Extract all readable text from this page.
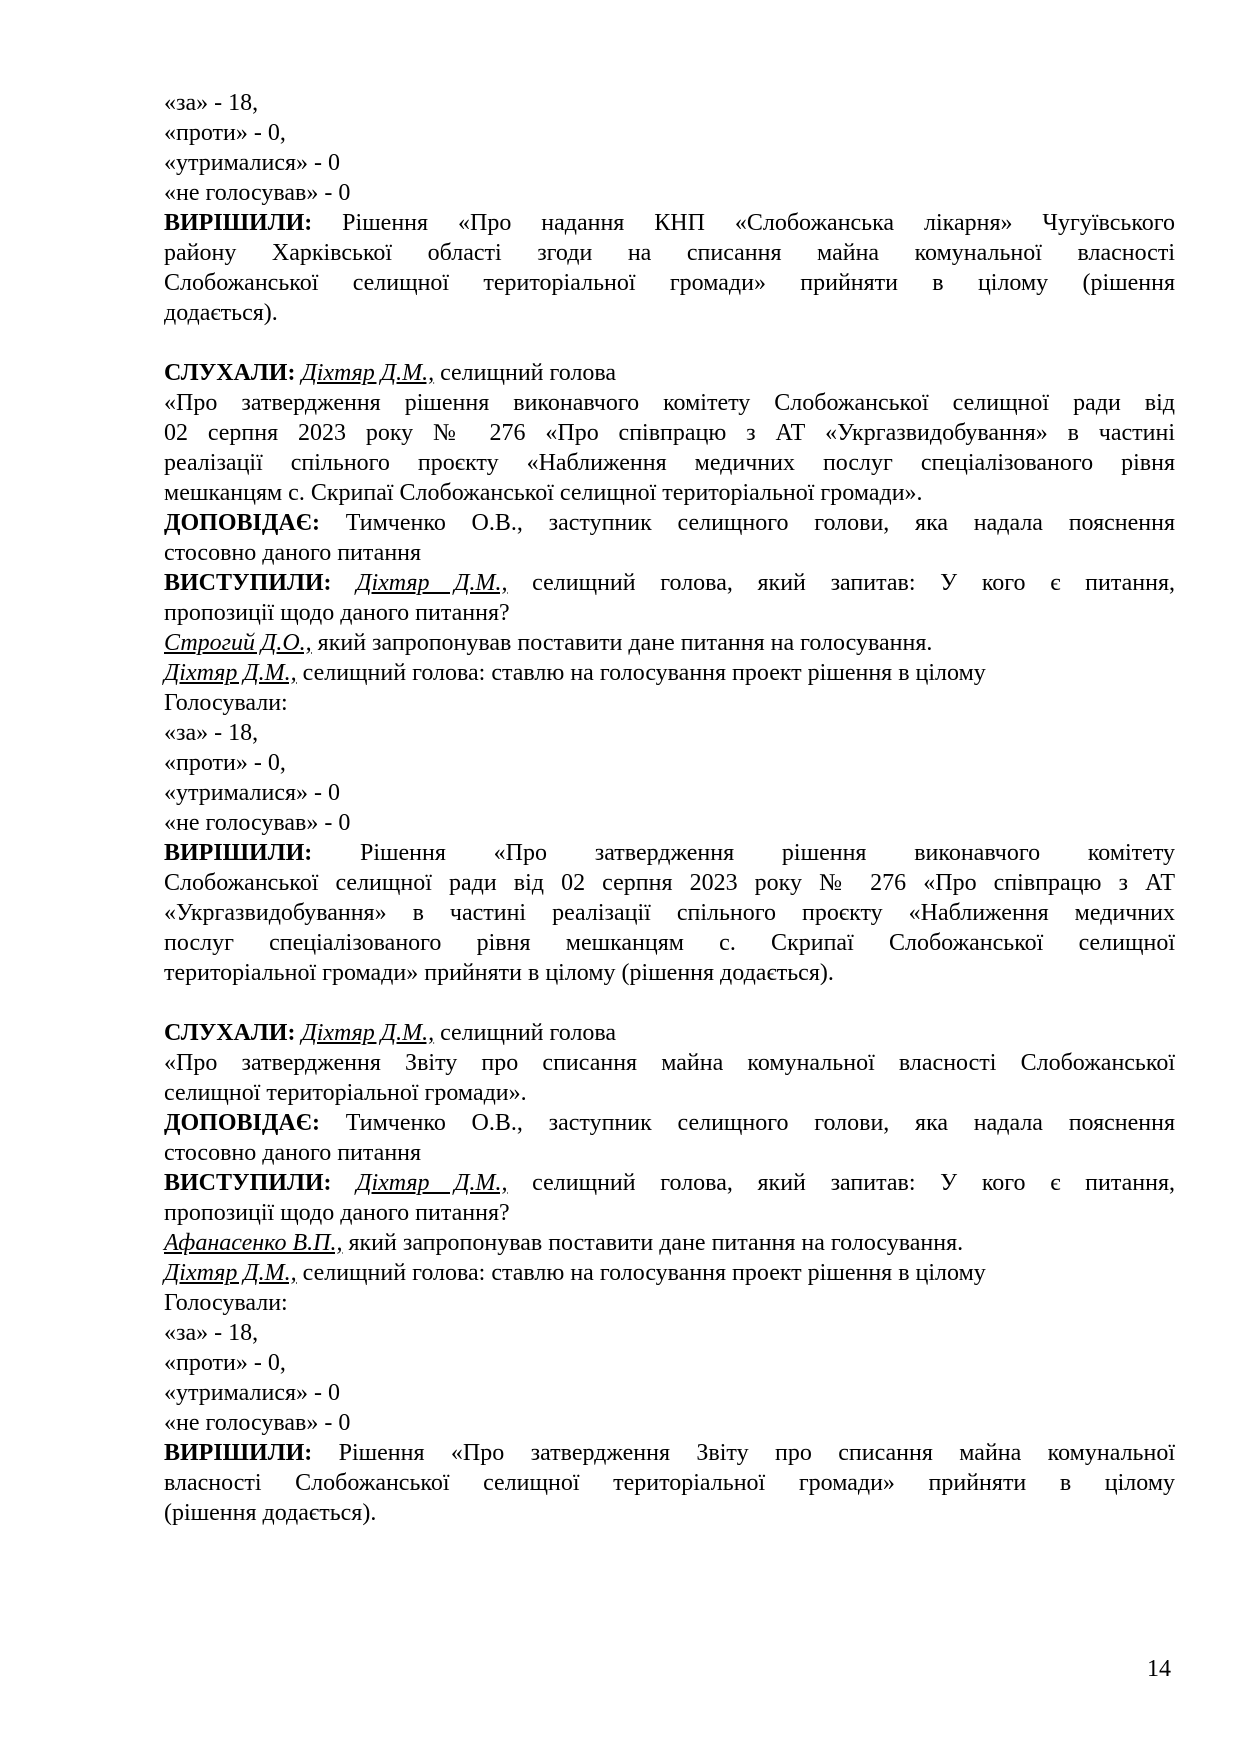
«за» - 18,
«проти» - 0,
«утрималися» - 0
«не голосував» - 0
ВИРІШИЛИ: Рішення «Про надання КНП «Слобожанська лікарня» Чугуївського
району Харківської області згоди на списання майна комунальної власності
Слобожанської селищної територіальної громади» прийняти в цілому (рішення
додається).
СЛУХАЛИ: Діхтяр Д.М., селищний голова
«Про затвердження рішення виконавчого комітету Слобожанської селищної ради від
02 серпня 2023 року № 276 «Про співпрацю з АТ «Укргазвидобування» в частині
реалізації спільного проєкту «Наближення медичних послуг спеціалізованого рівня
мешканцям с. Скрипаї Слобожанської селищної територіальної громади».
ДОПОВІДАЄ: Тимченко О.В., заступник селищного голови, яка надала пояснення
стосовно даного питання
ВИСТУПИЛИ: Діхтяр Д.М., селищний голова, який запитав: У кого є питання,
пропозиції щодо даного питання?
Строгий Д.О., який запропонував поставити дане питання на голосування.
Діхтяр Д.М., селищний голова: ставлю на голосування проект рішення в цілому
Голосували:
«за» - 18,
«проти» - 0,
«утрималися» - 0
«не голосував» - 0
ВИРІШИЛИ: Рішення «Про затвердження рішення виконавчого комітету
Слобожанської селищної ради від 02 серпня 2023 року № 276 «Про співпрацю з АТ
«Укргазвидобування» в частині реалізації спільного проєкту «Наближення медичних
послуг спеціалізованого рівня мешканцям с. Скрипаї Слобожанської селищної
територіальної громади» прийняти в цілому (рішення додається).
СЛУХАЛИ: Діхтяр Д.М., селищний голова
«Про затвердження Звіту про списання майна комунальної власності Слобожанської
селищної територіальної громади».
ДОПОВІДАЄ: Тимченко О.В., заступник селищного голови, яка надала пояснення
стосовно даного питання
ВИСТУПИЛИ: Діхтяр Д.М., селищний голова, який запитав: У кого є питання,
пропозиції щодо даного питання?
Афанасенко В.П., який запропонував поставити дане питання на голосування.
Діхтяр Д.М., селищний голова: ставлю на голосування проект рішення в цілому
Голосували:
«за» - 18,
«проти» - 0,
«утрималися» - 0
«не голосував» - 0
ВИРІШИЛИ: Рішення «Про затвердження Звіту про списання майна комунальної
власності Слобожанської селищної територіальної громади» прийняти в цілому
(рішення додається).
14
